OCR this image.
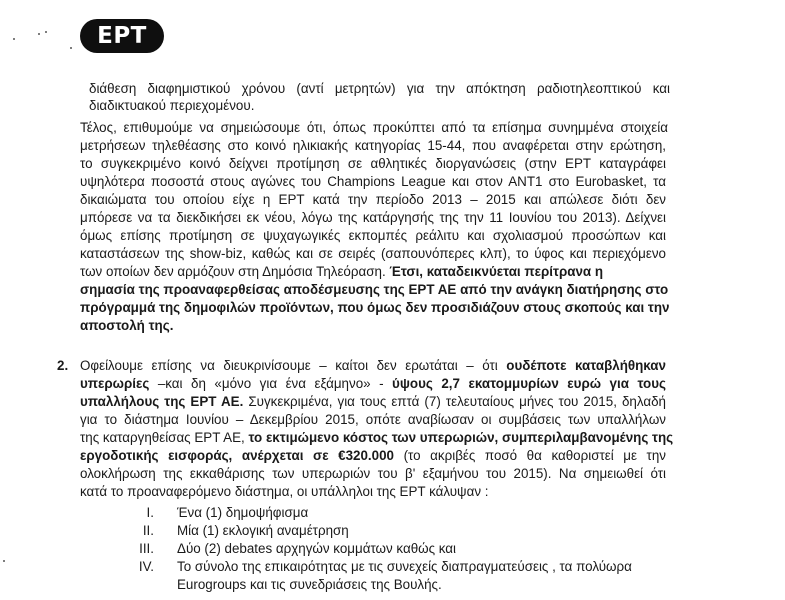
ΕΡΤ
διάθεση διαφημιστικού χρόνου (αντί μετρητών) για την απόκτηση ραδιοτηλεοπτικού και
διαδικτυακού περιεχομένου.
Τέλος, επιθυμούμε να σημειώσουμε ότι, όπως προκύπτει από τα επίσημα συνημμένα στοιχεία
μετρήσεων τηλεθέασης στο κοινό ηλικιακής κατηγορίας 15-44, που αναφέρεται στην ερώτηση,
το συγκεκριμένο κοινό δείχνει προτίμηση σε αθλητικές διοργανώσεις (στην ΕΡΤ καταγράφει
υψηλότερα ποσοστά στους αγώνες του Champions League και στον ΑΝΤ1 στο Eurobasket, τα
δικαιώματα του οποίου είχε η ΕΡΤ κατά την περίοδο 2013 – 2015 και απώλεσε διότι δεν
μπόρεσε να τα διεκδικήσει εκ νέου, λόγω της κατάργησής της την 11 Ιουνίου του 2013). Δείχνει
όμως επίσης προτίμηση σε ψυχαγωγικές εκπομπές ρεάλιτυ και σχολιασμού προσώπων και
καταστάσεων της show-biz, καθώς και σε σειρές (σαπουνόπερες κλπ), το ύφος και περιεχόμενο
των οποίων δεν αρμόζουν στη Δημόσια Τηλεόραση. Έτσι, καταδεικνύεται περίτρανα η
σημασία της προαναφερθείσας αποδέσμευσης της ΕΡΤ ΑΕ από την ανάγκη διατήρησης στο
πρόγραμμά της δημοφιλών προϊόντων, που όμως δεν προσιδιάζουν στους σκοπούς και την
αποστολή της.
2. Οφείλουμε επίσης να διευκρινίσουμε – καίτοι δεν ερωτάται – ότι ουδέποτε καταβλήθηκαν
υπερωρίες –και δη «μόνο για ένα εξάμηνο» - ύψους 2,7 εκατομμυρίων ευρώ για τους
υπαλλήλους της ΕΡΤ ΑΕ. Συγκεκριμένα, για τους επτά (7) τελευταίους μήνες του 2015, δηλαδή
για το διάστημα Ιουνίου – Δεκεμβρίου 2015, οπότε αναβίωσαν οι συμβάσεις των υπαλλήλων
της καταργηθείσας ΕΡΤ ΑΕ, το εκτιμώμενο κόστος των υπερωριών, συμπεριλαμβανομένης της
εργοδοτικής εισφοράς, ανέρχεται σε €320.000 (το ακριβές ποσό θα καθοριστεί με την
ολοκλήρωση της εκκαθάρισης των υπερωριών του β' εξαμήνου του 2015). Να σημειωθεί ότι
κατά το προαναφερόμενο διάστημα, οι υπάλληλοι της ΕΡΤ κάλυψαν :
I. Ένα (1) δημοψήφισμα
II. Μία (1) εκλογική αναμέτρηση
III. Δύο (2) debates αρχηγών κομμάτων καθώς και
IV. Το σύνολο της επικαιρότητας με τις συνεχείς διαπραγματεύσεις , τα πολύωρα
Eurogroups και τις συνεδριάσεις της Βουλής.
